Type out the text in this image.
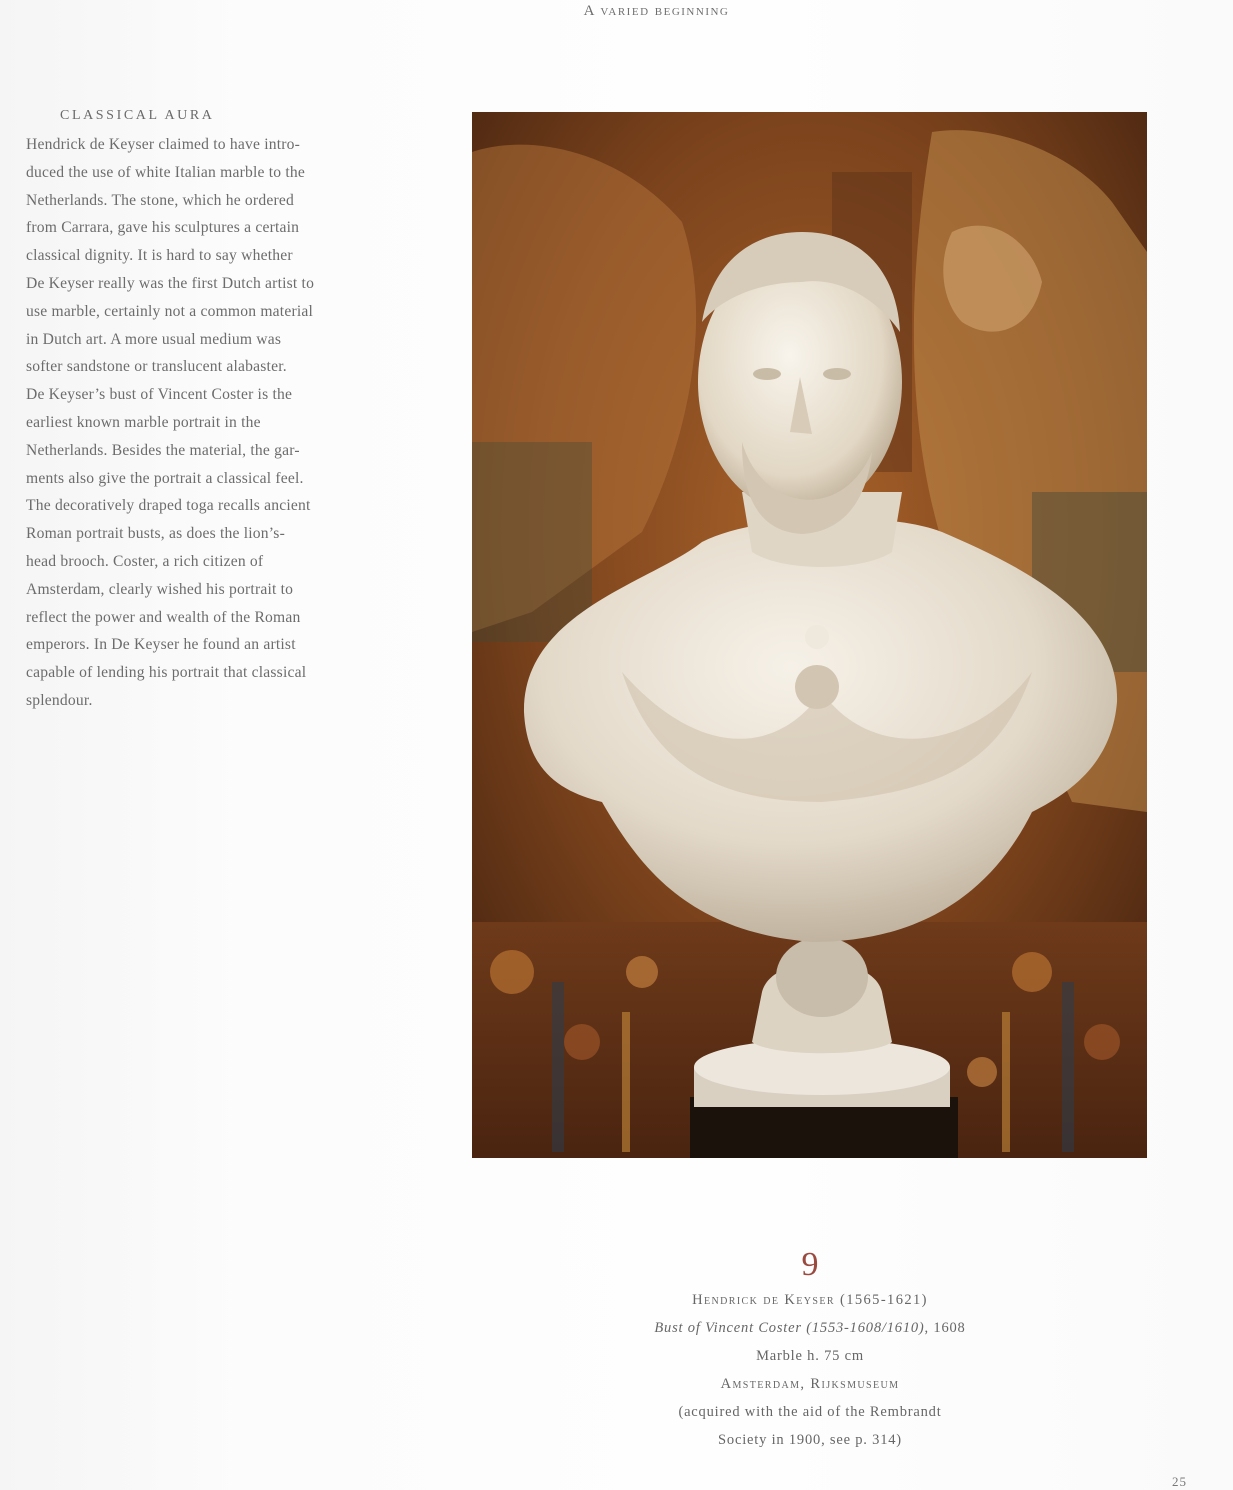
A varied beginning
CLASSICAL AURA

Hendrick de Keyser claimed to have intro-
duced the use of white Italian marble to the
Netherlands. The stone, which he ordered
from Carrara, gave his sculptures a certain
classical dignity. It is hard to say whether
De Keyser really was the first Dutch artist to
use marble, certainly not a common material
in Dutch art. A more usual medium was
softer sandstone or translucent alabaster.
De Keyser’s bust of Vincent Coster is the
earliest known marble portrait in the
Netherlands. Besides the material, the gar-
ments also give the portrait a classical feel.
The decoratively draped toga recalls ancient
Roman portrait busts, as does the lion’s-
head brooch. Coster, a rich citizen of
Amsterdam, clearly wished his portrait to
reflect the power and wealth of the Roman
emperors. In De Keyser he found an artist
capable of lending his portrait that classical
splendour.

9
Hendrick de Keyser (1565-1621)
Bust of Vincent Coster (1553-1608/1610), 1608
Marble h. 75 cm
Amsterdam, Rijksmuseum
(acquired with the aid of the Rembrandt
Society in 1900, see p. 314)
25
